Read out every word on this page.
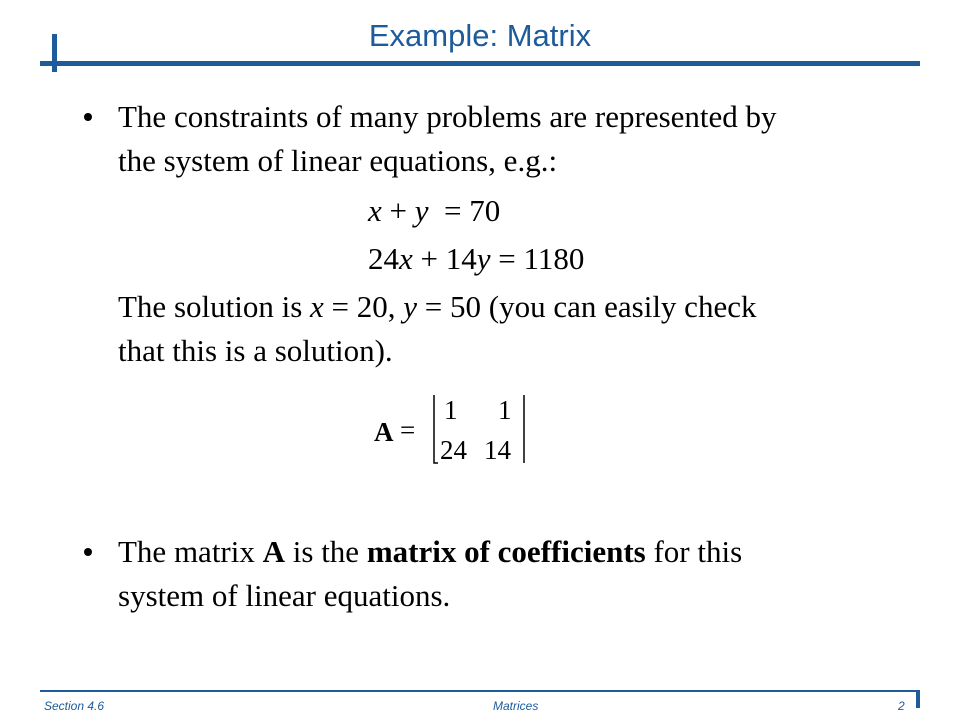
Example: Matrix
The constraints of many problems are represented by
the system of linear equations, e.g.:
x + y  = 70
24x + 14y = 1180
The solution is x = 20, y = 50 (you can easily check
that this is a solution).
A =
1 1
24 14
The matrix A is the matrix of coefficients for this
system of linear equations.
Section 4.6	Matrices	2
